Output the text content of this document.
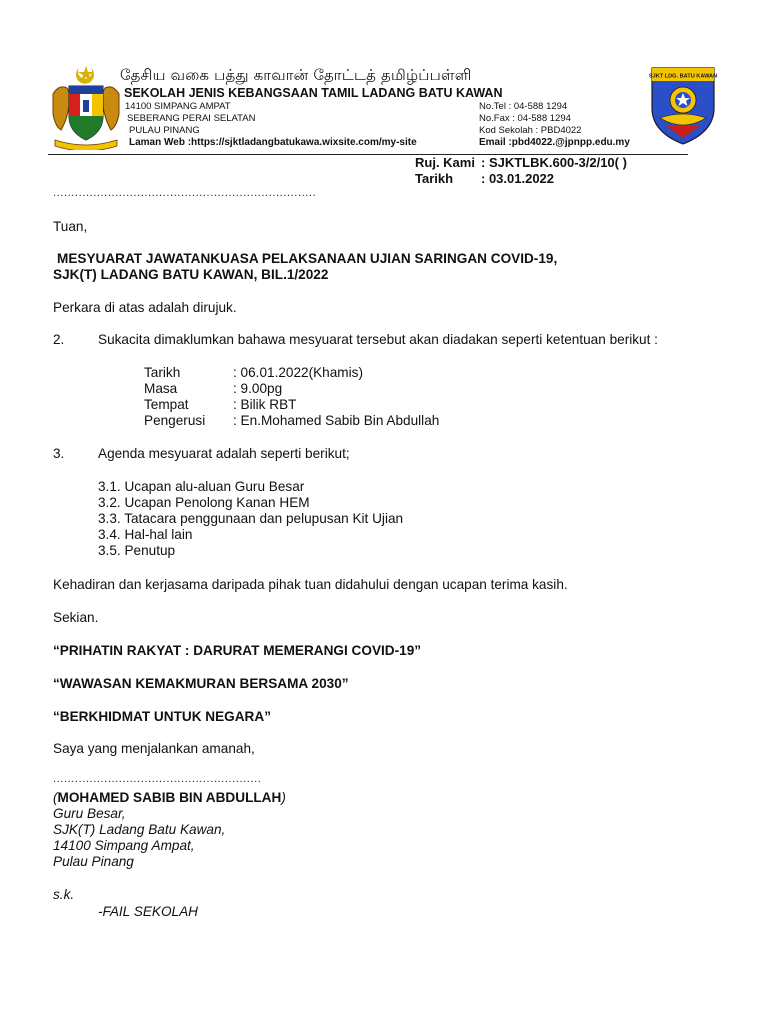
தேசிய வகை பத்து காவான் தோட்டத் தமிழ்ப்பள்ளி
SEKOLAH JENIS KEBANGSAAN TAMIL LADANG BATU KAWAN
14100 SIMPANG AMPAT
SEBERANG PERAI SELATAN
PULAU PINANG
Laman Web :https://sjktladangbatukawa.wixsite.com/my-site
No.Tel : 04-588 1294
No.Fax : 04-588 1294
Kod Sekolah : PBD4022
Email :pbd4022.@jpnpp.edu.my
SJKT LDG. BATU KAWAN
Ruj. Kami : SJKTLBK.600-3/2/10( )
Tarikh : 03.01.2022
........................................................................
Tuan,
MESYUARAT JAWATANKUASA PELAKSANAAN UJIAN SARINGAN COVID-19,
SJK(T) LADANG BATU KAWAN, BIL.1/2022
Perkara di atas adalah dirujuk.
2. Sukacita dimaklumkan bahawa mesyuarat tersebut akan diadakan seperti ketentuan berikut :
Tarikh	: 06.01.2022(Khamis)
Masa	: 9.00pg
Tempat	: Bilik RBT
Pengerusi : En.Mohamed Sabib Bin Abdullah
3. Agenda mesyuarat adalah seperti berikut;
3.1. Ucapan alu-aluan Guru Besar
3.2. Ucapan Penolong Kanan HEM
3.3. Tatacara penggunaan dan pelupusan Kit Ujian
3.4. Hal-hal lain
3.5. Penutup
Kehadiran dan kerjasama daripada pihak tuan didahului dengan ucapan terima kasih.
Sekian.
“PRIHATIN RAKYAT : DARURAT MEMERANGI COVID-19”
“WAWASAN KEMAKMURAN BERSAMA 2030”
“BERKHIDMAT UNTUK NEGARA”
Saya yang menjalankan amanah,
.........................................................
(MOHAMED SABIB BIN ABDULLAH)
Guru Besar,
SJK(T) Ladang Batu Kawan,
14100 Simpang Ampat,
Pulau Pinang
s.k.
-FAIL SEKOLAH
